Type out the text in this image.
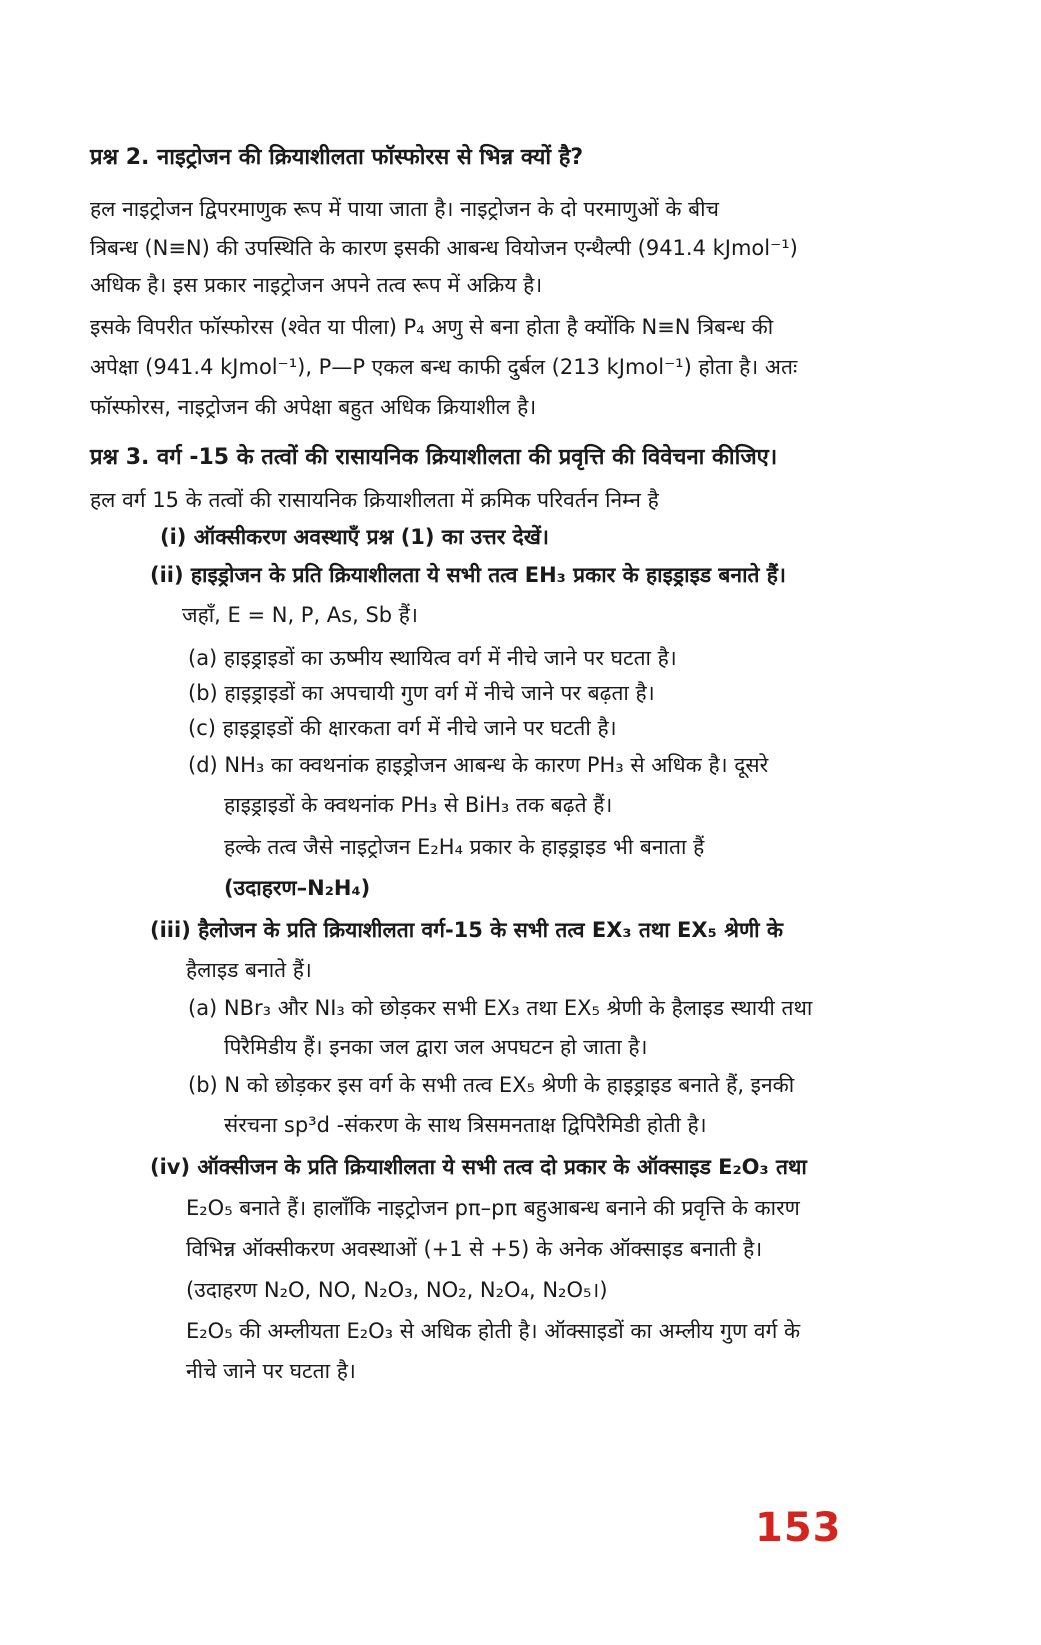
प्रश्न 2. नाइट्रोजन की क्रियाशीलता फॉस्फोरस से भिन्न क्यों है?
हल नाइट्रोजन द्विपरमाणुक रूप में पाया जाता है। नाइट्रोजन के दो परमाणुओं के बीच
त्रिबन्ध (N≡N) की उपस्थिति के कारण इसकी आबन्ध वियोजन एन्थैल्पी (941.4 kJmol⁻¹)
अधिक है। इस प्रकार नाइट्रोजन अपने तत्व रूप में अक्रिय है।
इसके विपरीत फॉस्फोरस (श्वेत या पीला) P₄ अणु से बना होता है क्योंकि N≡N त्रिबन्ध की
अपेक्षा (941.4 kJmol⁻¹), P—P एकल बन्ध काफी दुर्बल (213 kJmol⁻¹) होता है। अतः
फॉस्फोरस, नाइट्रोजन की अपेक्षा बहुत अधिक क्रियाशील है।
प्रश्न 3. वर्ग -15 के तत्वों की रासायनिक क्रियाशीलता की प्रवृत्ति की विवेचना कीजिए।
हल वर्ग 15 के तत्वों की रासायनिक क्रियाशीलता में क्रमिक परिवर्तन निम्न है
(i) ऑक्सीकरण अवस्थाएँ प्रश्न (1) का उत्तर देखें।
(ii) हाइड्रोजन के प्रति क्रियाशीलता ये सभी तत्व EH₃ प्रकार के हाइड्राइड बनाते हैं।
जहाँ, E = N, P, As, Sb हैं।
(a) हाइड्राइडों का ऊष्मीय स्थायित्व वर्ग में नीचे जाने पर घटता है।
(b) हाइड्राइडों का अपचायी गुण वर्ग में नीचे जाने पर बढ़ता है।
(c) हाइड्राइडों की क्षारकता वर्ग में नीचे जाने पर घटती है।
(d) NH₃ का क्वथनांक हाइड्रोजन आबन्ध के कारण PH₃ से अधिक है। दूसरे
हाइड्राइडों के क्वथनांक PH₃ से BiH₃ तक बढ़ते हैं।
हल्के तत्व जैसे नाइट्रोजन E₂H₄ प्रकार के हाइड्राइड भी बनाता हैं
(उदाहरण–N₂H₄)
(iii) हैलोजन के प्रति क्रियाशीलता वर्ग-15 के सभी तत्व EX₃ तथा EX₅ श्रेणी के
हैलाइड बनाते हैं।
(a) NBr₃ और NI₃ को छोड़कर सभी EX₃ तथा EX₅ श्रेणी के हैलाइड स्थायी तथा
पिरैमिडीय हैं। इनका जल द्वारा जल अपघटन हो जाता है।
(b) N को छोड़कर इस वर्ग के सभी तत्व EX₅ श्रेणी के हाइड्राइड बनाते हैं, इनकी
संरचना sp³d -संकरण के साथ त्रिसमनताक्ष द्विपिरैमिडी होती है।
(iv) ऑक्सीजन के प्रति क्रियाशीलता ये सभी तत्व दो प्रकार के ऑक्साइड E₂O₃ तथा
E₂O₅ बनाते हैं। हालाँकि नाइट्रोजन pπ–pπ बहुआबन्ध बनाने की प्रवृत्ति के कारण
विभिन्न ऑक्सीकरण अवस्थाओं (+1 से +5) के अनेक ऑक्साइड बनाती है।
(उदाहरण N₂O, NO, N₂O₃, NO₂, N₂O₄, N₂O₅।)
E₂O₅ की अम्लीयता E₂O₃ से अधिक होती है। ऑक्साइडों का अम्लीय गुण वर्ग के
नीचे जाने पर घटता है।
153
